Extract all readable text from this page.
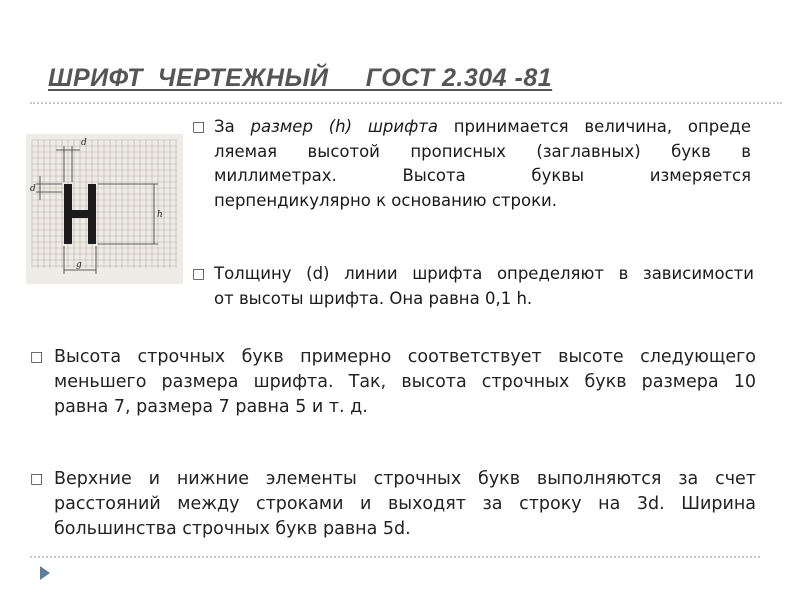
ШРИФТ  ЧЕРТЕЖНЫЙ     ГОСТ 2.304 -81
d
d
h
g
□ За размер (h) шрифта принимается величина, опреде
ляемая высотой прописных (заглавных) букв в
миллиметрах. Высота буквы измеряется
перпендикулярно к основанию строки.
□ Толщину (d) линии шрифта определяют в зависимости
от высоты шрифта. Она равна 0,1 h.
□ Высота строчных букв примерно соответствует высоте следующего
меньшего размера шрифта. Так, высота строчных букв размера 10
равна 7, размера 7 равна 5 и т. д.
□ Верхние и нижние элементы строчных букв выполняются за счет
расстояний между строками и выходят за строку на 3d. Ширина
большинства строчных букв равна 5d.
